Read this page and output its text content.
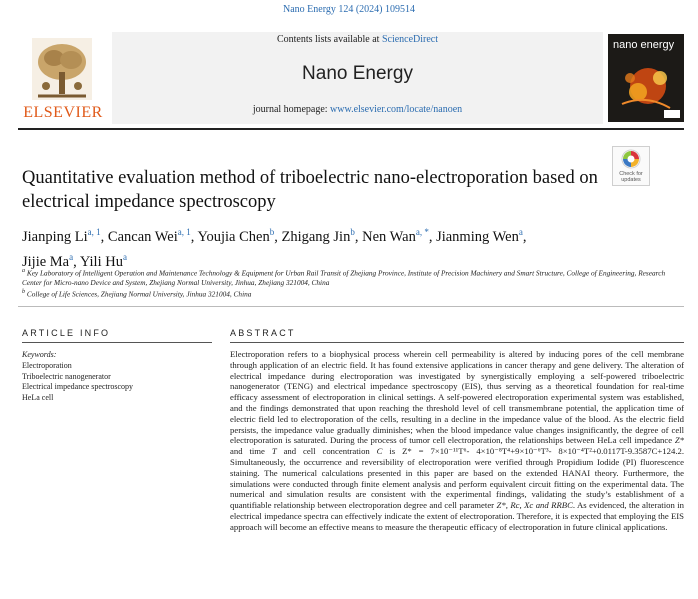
Nano Energy 124 (2024) 109514
ELSEVIER
Contents lists available at ScienceDirect
Nano Energy
journal homepage: www.elsevier.com/locate/nanoen
nano energy
Quantitative evaluation method of triboelectric nano-electroporation based on electrical impedance spectroscopy
Check for
updates
Jianping Li$^{a, 1}$, Cancan Wei$^{a, 1}$, Youjia Chen$^b$, Zhigang Jin$^b$, Nen Wan$^{a, *}$, Jianming Wen$^a$,
Jijie Ma$^a$, Yili Hu$^a$
$^a$ Key Laboratory of Intelligent Operation and Maintenance Technology & Equipment for Urban Rail Transit of Zhejiang Province, Institute of Precision Machinery and Smart Structure, College of Engineering, Research Center for Micro-nano Device and System, Zhejiang Normal University, Jinhua, Zhejiang 321004, China
$^b$ College of Life Sciences, Zhejiang Normal University, Jinhua 321004, China
ARTICLE INFO
Keywords:
Electroporation
Triboelectric nanogenerator
Electrical impedance spectroscopy
HeLa cell
ABSTRACT

Electroporation refers to a biophysical process wherein cell permeability is altered by inducing pores of the cell membrane through application of an electric field. It has found extensive applications in cancer therapy and gene delivery. The alteration of electrical impedance during electroporation was investigated by synergistically employing a self-powered triboelectric nanogenerator (TENG) and electrical impedance spectroscopy (EIS), thus serving as a theoretical foundation for real-time efficacy assessment of electroporation in clinical settings. A self-powered electroporation experimental system was established, and the findings demonstrated that upon reaching the threshold level of cell transmembrane potential, the application time of electric field led to electroporation of the cells, resulting in a decline in the impedance value of the blood. As the electric field persists, the impedance value gradually diminishes; when the blood impedance value changes insignificantly, the degree of cell electroporation is saturated. During the process of tumor cell electroporation, the relationships between HeLa cell impedance Z* and time T and cell concentration C is Z* = 7×10⁻¹¹T⁶- 4×10⁻⁸T⁴+9×10⁻⁶T³- 8×10⁻⁴T²+0.0117T-9.3587C+124.2. Simultaneously, the occurrence and reversibility of electroporation were verified through Propidium Iodide (PI) fluorescence staining. The numerical calculations presented in this paper are based on the extended HANAI theory. Furthermore, the simulations were conducted through finite element analysis and perform equivalent circuit fitting on the experimental data. The numerical and simulation results are consistent with the experimental findings, validating the study’s establishment of a quantifiable relationship between electroporation degree and cell parameter Z*, Rc, Xc and RRBC. As evidenced, the alteration in electrical impedance spectra can effectively indicate the extent of electroporation. Therefore, it is expected that employing the EIS approach will become an effective means to measure the therapeutic efficacy of electroporation in future clinical applications.
